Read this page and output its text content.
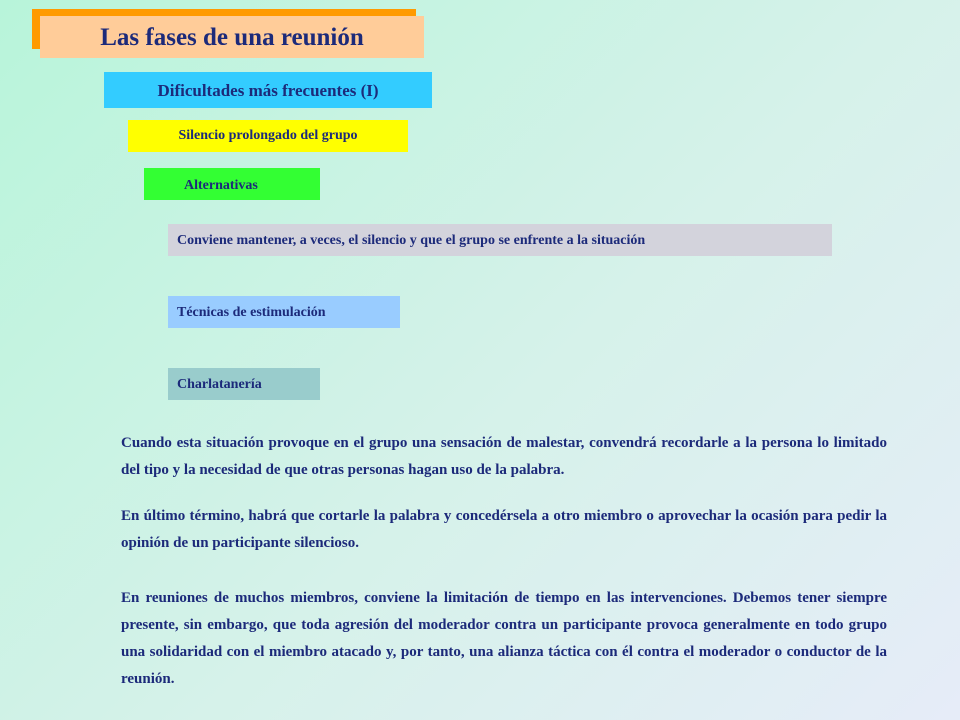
Las fases de una reunión
Dificultades más frecuentes (I)
Silencio prolongado del grupo
Alternativas
Conviene mantener, a veces, el silencio y que el grupo se enfrente a la situación
Técnicas de estimulación
Charlatanería

Cuando esta situación provoque en el grupo una sensación de malestar, convendrá recordarle a la persona lo limitado del tipo y la necesidad de que otras personas hagan uso de la palabra.

En último término, habrá que cortarle la palabra y concedérsela a otro miembro o aprovechar la ocasión para pedir la opinión de un participante silencioso.

En reuniones de muchos miembros, conviene la limitación de tiempo en las intervenciones. Debemos tener siempre presente, sin embargo, que toda agresión del moderador contra un participante provoca generalmente en todo grupo una solidaridad con el miembro atacado y, por tanto, una alianza táctica con él contra el moderador o conductor de la reunión.
